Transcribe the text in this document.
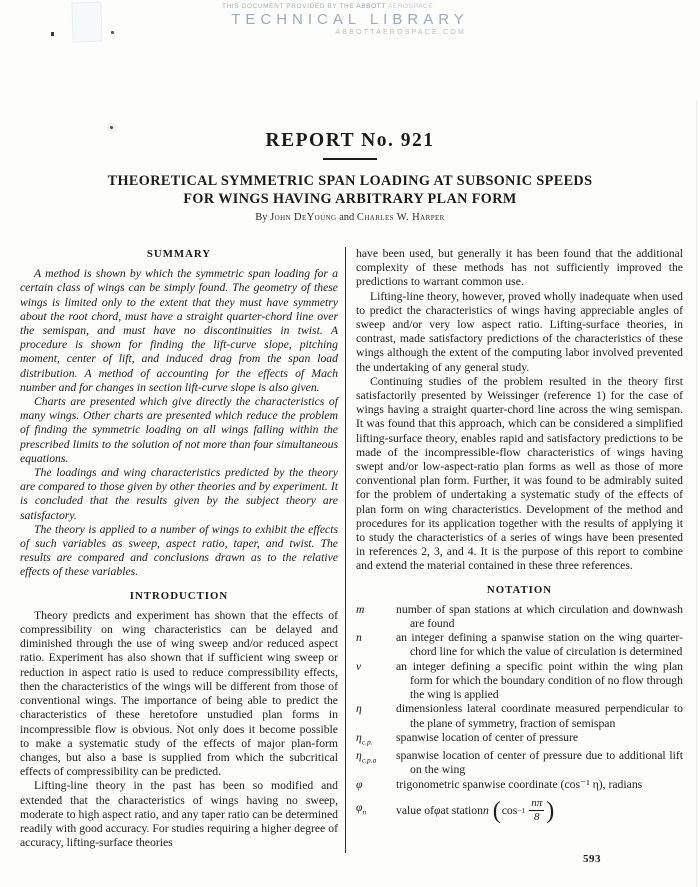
THIS DOCUMENT PROVIDED BY THE ABBOTT AEROSPACE
TECHNICAL LIBRARY
ABBOTTAEROSPACE.COM
REPORT No. 921
THEORETICAL SYMMETRIC SPAN LOADING AT SUBSONIC SPEEDS
FOR WINGS HAVING ARBITRARY PLAN FORM
By John DeYoung and Charles W. Harper
SUMMARY

A method is shown by which the symmetric span loading for a certain class of wings can be simply found. The geometry of these wings is limited only to the extent that they must have symmetry about the root chord, must have a straight quarter-chord line over the semispan, and must have no discontinuities in twist. A procedure is shown for finding the lift-curve slope, pitching moment, center of lift, and induced drag from the span load distribution. A method of accounting for the effects of Mach number and for changes in section lift-curve slope is also given.

Charts are presented which give directly the characteristics of many wings. Other charts are presented which reduce the problem of finding the symmetric loading on all wings falling within the prescribed limits to the solution of not more than four simultaneous equations.

The loadings and wing characteristics predicted by the theory are compared to those given by other theories and by experiment. It is concluded that the results given by the subject theory are satisfactory.

The theory is applied to a number of wings to exhibit the effects of such variables as sweep, aspect ratio, taper, and twist. The results are compared and conclusions drawn as to the relative effects of these variables.

INTRODUCTION

Theory predicts and experiment has shown that the effects of compressibility on wing characteristics can be delayed and diminished through the use of wing sweep and/or reduced aspect ratio. Experiment has also shown that if sufficient wing sweep or reduction in aspect ratio is used to reduce compressibility effects, then the characteristics of the wings will be different from those of conventional wings. The importance of being able to predict the characteristics of these heretofore unstudied plan forms in incompressible flow is obvious. Not only does it become possible to make a systematic study of the effects of major plan-form changes, but also a base is supplied from which the subcritical effects of compressibility can be predicted.

Lifting-line theory in the past has been so modified and extended that the characteristics of wings having no sweep, moderate to high aspect ratio, and any taper ratio can be determined readily with good accuracy. For studies requiring a higher degree of accuracy, lifting-surface theories

have been used, but generally it has been found that the additional complexity of these methods has not sufficiently improved the predictions to warrant common use.

Lifting-line theory, however, proved wholly inadequate when used to predict the characteristics of wings having appreciable angles of sweep and/or very low aspect ratio. Lifting-surface theories, in contrast, made satisfactory predictions of the characteristics of these wings although the extent of the computing labor involved prevented the undertaking of any general study.

Continuing studies of the problem resulted in the theory first satisfactorily presented by Weissinger (reference 1) for the case of wings having a straight quarter-chord line across the wing semispan. It was found that this approach, which can be considered a simplified lifting-surface theory, enables rapid and satisfactory predictions to be made of the incompressible-flow characteristics of wings having swept and/or low-aspect-ratio plan forms as well as those of more conventional plan form. Further, it was found to be admirably suited for the problem of undertaking a systematic study of the effects of plan form on wing characteristics. Development of the method and procedures for its application together with the results of applying it to study the characteristics of a series of wings have been presented in references 2, 3, and 4. It is the purpose of this report to combine and extend the material contained in these three references.

NOTATION
m	number of span stations at which circulation and downwash are found
n	an integer defining a spanwise station on the wing quarter-chord line for which the value of circulation is determined
ν	an integer defining a specific point within the wing plan form for which the boundary condition of no flow through the wing is applied
η	dimensionless lateral coordinate measured perpendicular to the plane of symmetry, fraction of semispan
$\eta_{c.p.}$	spanwise location of center of pressure
$\eta_{c.p.a}$	spanwise location of center of pressure due to additional lift on the wing
φ	trigonometric spanwise coordinate (cos⁻¹ η), radians
$\varphi_n$	value of φ at station n
( cos −1
$\frac{n\pi}{8}$ )
593
